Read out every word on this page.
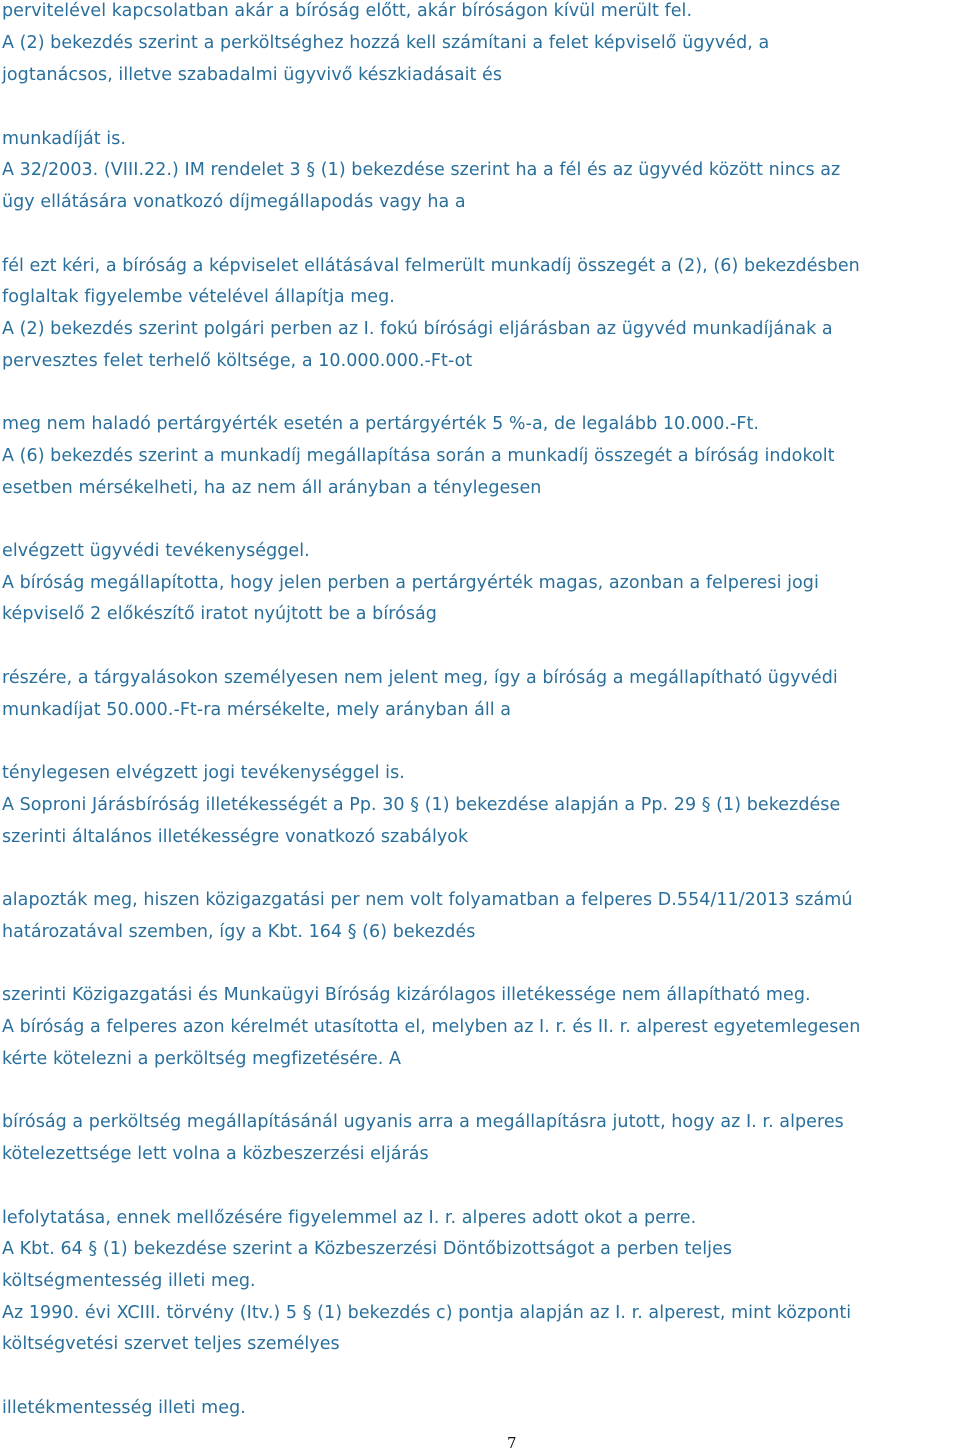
pervitelével kapcsolatban akár a bíróság előtt, akár bíróságon kívül merült fel.
A (2) bekezdés szerint a perköltséghez hozzá kell számítani a felet képviselő ügyvéd, a
jogtanácsos, illetve szabadalmi ügyvivő készkiadásait és
munkadíját is.
A 32/2003. (VIII.22.) IM rendelet 3 § (1) bekezdése szerint ha a fél és az ügyvéd között nincs az
ügy ellátására vonatkozó díjmegállapodás vagy ha a
fél ezt kéri, a bíróság a képviselet ellátásával felmerült munkadíj összegét a (2), (6) bekezdésben
foglaltak figyelembe vételével állapítja meg.
A (2) bekezdés szerint polgári perben az I. fokú bírósági eljárásban az ügyvéd munkadíjának a
pervesztes felet terhelő költsége, a 10.000.000.-Ft-ot
meg nem haladó pertárgyérték esetén a pertárgyérték 5 %-a, de legalább 10.000.-Ft.
A (6) bekezdés szerint a munkadíj megállapítása során a munkadíj összegét a bíróság indokolt
esetben mérsékelheti, ha az nem áll arányban a ténylegesen
elvégzett ügyvédi tevékenységgel.
A bíróság megállapította, hogy jelen perben a pertárgyérték magas, azonban a felperesi jogi
képviselő 2 előkészítő iratot nyújtott be a bíróság
részére, a tárgyalásokon személyesen nem jelent meg, így a bíróság a megállapítható ügyvédi
munkadíjat 50.000.-Ft-ra mérsékelte, mely arányban áll a
ténylegesen elvégzett jogi tevékenységgel is.
A Soproni Járásbíróság illetékességét a Pp. 30 § (1) bekezdése alapján a Pp. 29 § (1) bekezdése
szerinti általános illetékességre vonatkozó szabályok
alapozták meg, hiszen közigazgatási per nem volt folyamatban a felperes D.554/11/2013 számú
határozatával szemben, így a Kbt. 164 § (6) bekezdés
szerinti Közigazgatási és Munkaügyi Bíróság kizárólagos illetékessége nem állapítható meg.
A bíróság a felperes azon kérelmét utasította el, melyben az I. r. és II. r. alperest egyetemlegesen
kérte kötelezni a perköltség megfizetésére. A
bíróság a perköltség megállapításánál ugyanis arra a megállapításra jutott, hogy az I. r. alperes
kötelezettsége lett volna a közbeszerzési eljárás
lefolytatása, ennek mellőzésére figyelemmel az I. r. alperes adott okot a perre.
A Kbt. 64 § (1) bekezdése szerint a Közbeszerzési Döntőbizottságot a perben teljes
költségmentesség illeti meg.
Az 1990. évi XCIII. törvény (Itv.) 5 § (1) bekezdés c) pontja alapján az I. r. alperest, mint központi
költségvetési szervet teljes személyes
illetékmentesség illeti meg.
7
